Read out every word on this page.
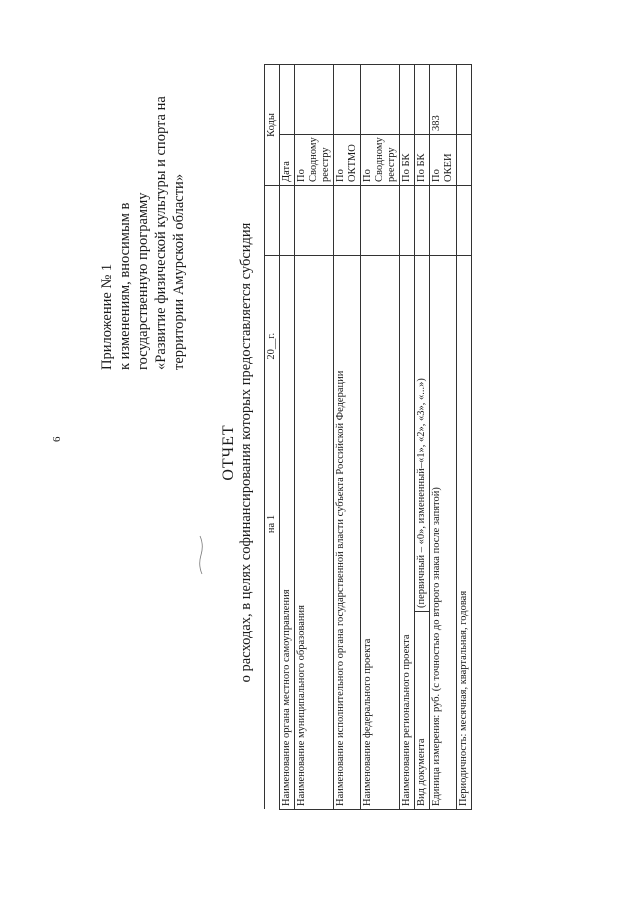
6
Приложение № 1 к изменениям, вносимым в государственную программу «Развитие физической культуры и спорта на территории Амурской области»
ОТЧЕТ о расходах, в целях софинансирования которых предоставляется субсидия
	на 1	20__г.		Коды	
Наименование органа местного самоуправления				Дата	
Наименование муниципального образования				По Сводному реестру	
Наименование исполнительного органа государственной власти субъекта Российской Федерации				По ОКТМО	
Наименование федерального проекта				По Сводному реестру	
Наименование регионального проекта				По БК	
Вид документа	(первичный – «0», измененный–«1», «2», «3», «...»)			По БК	
Единица измерения: руб. (с точностью до второго знака после запятой)				По ОКЕИ	383
Периодичность: месячная, квартальная, годовая					
